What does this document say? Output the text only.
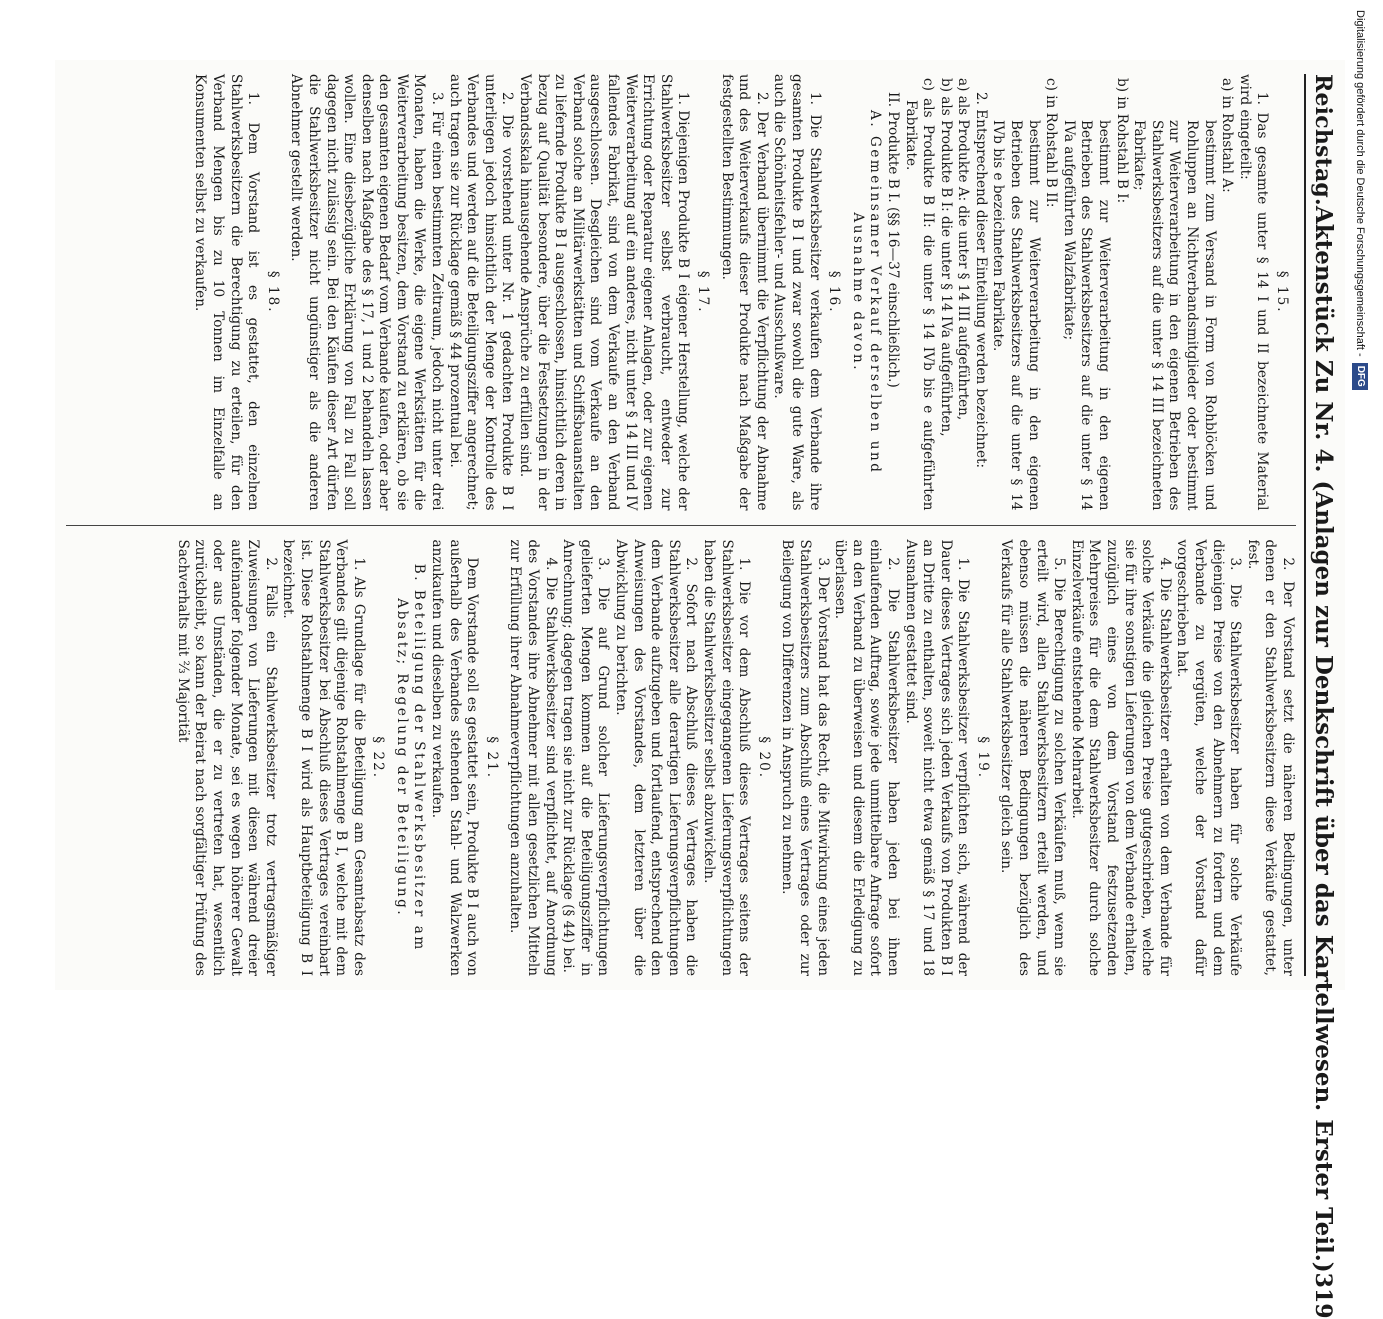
Reichstag.
Aktenstück Zu Nr. 4. (Anlagen zur Denkschrift über das Kartellwesen. Erster Teil.)
319

§ 15.

1. Das gesamte unter § 14 I und II bezeichnete Material wird eingeteilt:

a) in Rohstahl A:

bestimmt zum Versand in Form von Rohblöcken und Rohluppen an Nichtverbandsmitglieder oder bestimmt zur Weiterverarbeitung in den eigenen Betrieben des Stahlwerksbesitzers auf die unter § 14 III bezeichneten Fabrikate;

b) in Rohstahl B I:

bestimmt zur Weiterverarbeitung in den eigenen Betrieben des Stahlwerksbesitzers auf die unter § 14 IVa aufgeführten Walzfabrikate;

c) in Rohstahl B II:

bestimmt zur Weiterverarbeitung in den eigenen Betrieben des Stahlwerksbesitzers auf die unter § 14 IVb bis e bezeichneten Fabrikate.

2. Entsprechend dieser Einteilung werden bezeichnet:

a) als Produkte A: die unter § 14 III aufgeführten,

b) als Produkte B I: die unter § 14 IVa aufgeführten,

c) als Produkte B II: die unter § 14 IVb bis e aufgeführten Fabrikate.

II. Produkte B I. (§§ 16—37 einschließlich.)

A. Gemeinsamer Verkauf derselben und Ausnahme davon.

§ 16.

1. Die Stahlwerksbesitzer verkaufen dem Verbande ihre gesamten Produkte B I und zwar sowohl die gute Ware, als auch die Schönheitsfehler- und Ausschußware.

2. Der Verband übernimmt die Verpflichtung der Abnahme und des Weiterverkaufs dieser Produkte nach Maßgabe der festgestellten Bestimmungen.

§ 17.

1. Diejenigen Produkte B I eigener Herstellung, welche der Stahlwerksbesitzer selbst verbraucht, entweder zur Errichtung oder Reparatur eigener Anlagen, oder zur eigenen Weiterverarbeitung auf ein anderes, nicht unter § 14 III und IV fallendes Fabrikat, sind von dem Verkaufe an den Verband ausgeschlossen. Desgleichen sind vom Verkaufe an den Verband solche an Militärwerkstätten und Schiffsbauanstalten zu liefernde Produkte B I ausgeschlossen, hinsichtlich deren in bezug auf Qualität besondere, über die Festsetzungen in der Verbandsskala hinausgehende Ansprüche zu erfüllen sind.

2. Die vorstehend unter Nr. 1 gedachten Produkte B I unterliegen jedoch hinsichtlich der Menge der Kontrolle des Verbandes und werden auf die Beteiligungsziffer angerechnet; auch tragen sie zur Rücklage gemäß § 44 prozentual bei.

3. Für einen bestimmten Zeitraum, jedoch nicht unter drei Monaten, haben die Werke, die eigene Werkstätten für die Weiterverarbeitung besitzen, dem Vorstand zu erklären, ob sie den gesamten eigenen Bedarf vom Verbande kaufen, oder aber denselben nach Maßgabe des § 17, 1 und 2 behandeln lassen wollen. Eine diesbezügliche Erklärung von Fall zu Fall soll dagegen nicht zulässig sein. Bei den Käufen dieser Art dürfen die Stahlwerksbesitzer nicht ungünstiger als die anderen Abnehmer gestellt werden.

§ 18.

1. Dem Vorstand ist es gestattet, den einzelnen Stahlwerksbesitzern die Berechtigung zu erteilen, für den Verband Mengen bis zu 10 Tonnen im Einzelfalle an Konsumenten selbst zu verkaufen.

2. Der Vorstand setzt die näheren Bedingungen, unter denen er den Stahlwerksbesitzern diese Verkäufe gestattet, fest.

3. Die Stahlwerksbesitzer haben für solche Verkäufe diejenigen Preise von den Abnehmern zu fordern und dem Verbande zu vergüten, welche der Vorstand dafür vorgeschrieben hat.

4. Die Stahlwerksbesitzer erhalten von dem Verbande für solche Verkäufe die gleichen Preise gutgeschrieben, welche sie für ihre sonstigen Lieferungen von dem Verbande erhalten, zuzüglich eines von dem Vorstand festzusetzenden Mehrpreises für die dem Stahlwerksbesitzer durch solche Einzelverkäufe entstehende Mehrarbeit.

5. Die Berechtigung zu solchen Verkäufen muß, wenn sie erteilt wird, allen Stahlwerksbesitzern erteilt werden, und ebenso müssen die näheren Bedingungen bezüglich des Verkaufs für alle Stahlwerksbesitzer gleich sein.

§ 19.

1. Die Stahlwerksbesitzer verpflichten sich, während der Dauer dieses Vertrages sich jeden Verkaufs von Produkten B I an Dritte zu enthalten, soweit nicht etwa gemäß § 17 und 18 Ausnahmen gestattet sind.

2. Die Stahlwerksbesitzer haben jeden bei ihnen einlaufenden Auftrag, sowie jede unmittelbare Anfrage sofort an den Verband zu überweisen und diesem die Erledigung zu überlassen.

3. Der Vorstand hat das Recht, die Mitwirkung eines jeden Stahlwerksbesitzers zum Abschluß eines Vertrages oder zur Beilegung von Differenzen in Anspruch zu nehmen.

§ 20.

1. Die vor dem Abschluß dieses Vertrages seitens der Stahlwerksbesitzer eingegangenen Lieferungsverpflichtungen haben die Stahlwerksbesitzer selbst abzuwickeln.

2. Sofort nach Abschluß dieses Vertrages haben die Stahlwerksbesitzer alle derartigen Lieferungsverpflichtungen dem Verbande aufzugeben und fortlaufend, entsprechend den Anweisungen des Vorstandes, dem letzteren über die Abwicklung zu berichten.

3. Die auf Grund solcher Lieferungsverpflichtungen gelieferten Mengen kommen auf die Beteiligungsziffer in Anrechnung; dagegen tragen sie nicht zur Rücklage (§ 44) bei.

4. Die Stahlwerksbesitzer sind verpflichtet, auf Anordnung des Vorstandes ihre Abnehmer mit allen gesetzlichen Mitteln zur Erfüllung ihrer Abnahmeverpflichtungen anzuhalten.

§ 21.

Dem Vorstande soll es gestattet sein, Produkte B I auch von außerhalb des Verbandes stehenden Stahl- und Walzwerken anzukaufen und dieselben zu verkaufen.

B. Beteiligung der Stahlwerksbesitzer am Absatz; Regelung der Beteiligung.

§ 22.

1. Als Grundlage für die Beteiligung am Gesamtabsatz des Verbandes gilt diejenige Rohstahlmenge B I, welche mit dem Stahlwerksbesitzer bei Abschluß dieses Vertrages vereinbart ist. Diese Rohstahlmenge B I wird als Hauptbeteiligung B I bezeichnet.

2. Falls ein Stahlwerksbesitzer trotz vertragsmäßiger Zuweisungen von Lieferungen mit diesen während dreier aufeinander folgender Monate, sei es wegen höherer Gewalt oder aus Umständen, die er zu vertreten hat, wesentlich zurückbleibt, so kann der Beirat nach sorgfältiger Prüfung des Sachverhalts mit ⅔ Majorität

Digitalisierung gefördert durch die Deutsche Forschungsgemeinschaft -
DFG
